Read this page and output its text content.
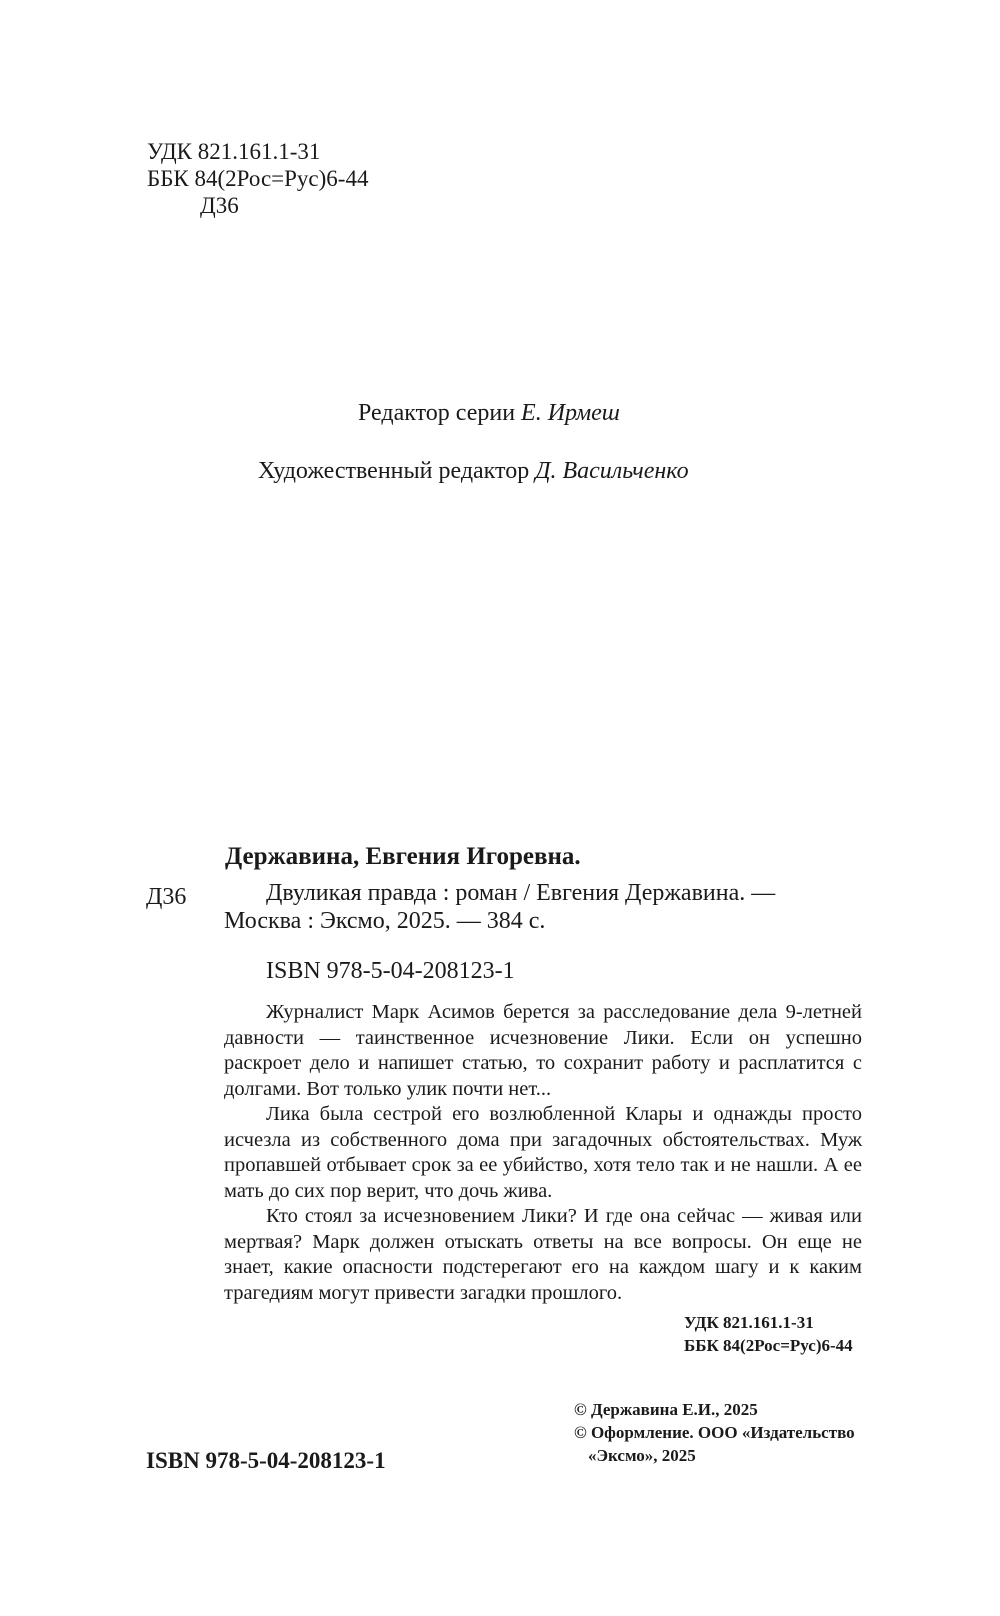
УДК 821.161.1-31
ББК 84(2Рос=Рус)6-44
Д36
Редактор серии Е. Ирмеш
Художественный редактор Д. Васильченко
Державина, Евгения Игоревна.
Д36	Двуликая правда : роман / Евгения Державина. —
Москва : Эксмо, 2025. — 384 с.
ISBN 978-5-04-208123-1

Журналист Марк Асимов берется за расследование дела 9-летней давности — таинственное исчезновение Лики. Если он успешно раскроет дело и напишет статью, то сохранит работу и расплатится с долгами. Вот только улик почти нет...

Лика была сестрой его возлюбленной Клары и однажды просто исчезла из собственного дома при загадочных обстоятельствах. Муж пропавшей отбывает срок за ее убийство, хотя тело так и не нашли. А ее мать до сих пор верит, что дочь жива.

Кто стоял за исчезновением Лики? И где она сейчас — живая или мертвая? Марк должен отыскать ответы на все вопросы. Он еще не знает, какие опасности подстерегают его на каждом шагу и к каким трагедиям могут привести загадки прошлого.

УДК 821.161.1-31
ББК 84(2Рос=Рус)6-44
ISBN 978-5-04-208123-1
© Державина Е.И., 2025
© Оформление. ООО «Издательство
«Эксмо», 2025
